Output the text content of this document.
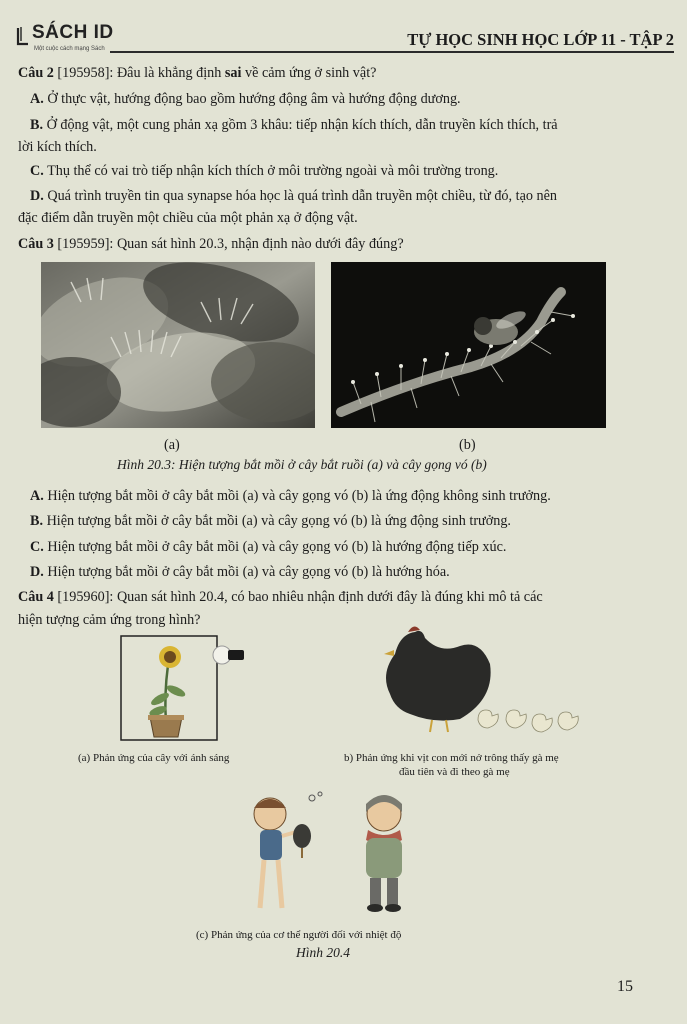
SÁCH ID
Một cuộc cách mạng Sách	TỰ HỌC SINH HỌC LỚP 11 - TẬP 2
Câu 2 [195958]: Đâu là khẳng định sai về cảm ứng ở sinh vật?
A. Ở thực vật, hướng động bao gồm hướng động âm và hướng động dương.
B. Ở động vật, một cung phản xạ gồm 3 khâu: tiếp nhận kích thích, dẫn truyền kích thích, trả
lời kích thích.
C. Thụ thể có vai trò tiếp nhận kích thích ở môi trường ngoài và môi trường trong.
D. Quá trình truyền tin qua synapse hóa học là quá trình dẫn truyền một chiều, từ đó, tạo nên
đặc điểm dẫn truyền một chiều của một phản xạ ở động vật.
Câu 3 [195959]: Quan sát hình 20.3, nhận định nào dưới đây đúng?
(a)	(b)
Hình 20.3: Hiện tượng bắt mồi ở cây bắt ruồi (a) và cây gọng vó (b)
A. Hiện tượng bắt mồi ở cây bắt mồi (a) và cây gọng vó (b) là ứng động không sinh trưởng.
B. Hiện tượng bắt mồi ở cây bắt mồi (a) và cây gọng vó (b) là ứng động sinh trưởng.
C. Hiện tượng bắt mồi ở cây bắt mồi (a) và cây gọng vó (b) là hướng động tiếp xúc.
D. Hiện tượng bắt mồi ở cây bắt mồi (a) và cây gọng vó (b) là hướng hóa.
Câu 4 [195960]: Quan sát hình 20.4, có bao nhiêu nhận định dưới đây là đúng khi mô tả các
hiện tượng cảm ứng trong hình?
(a) Phản ứng của cây với ánh sáng	b) Phản ứng khi vịt con mới nở trông thấy gà mẹ
đầu tiên và đi theo gà mẹ
(c) Phản ứng của cơ thể người đối với nhiệt độ
Hình 20.4
15
